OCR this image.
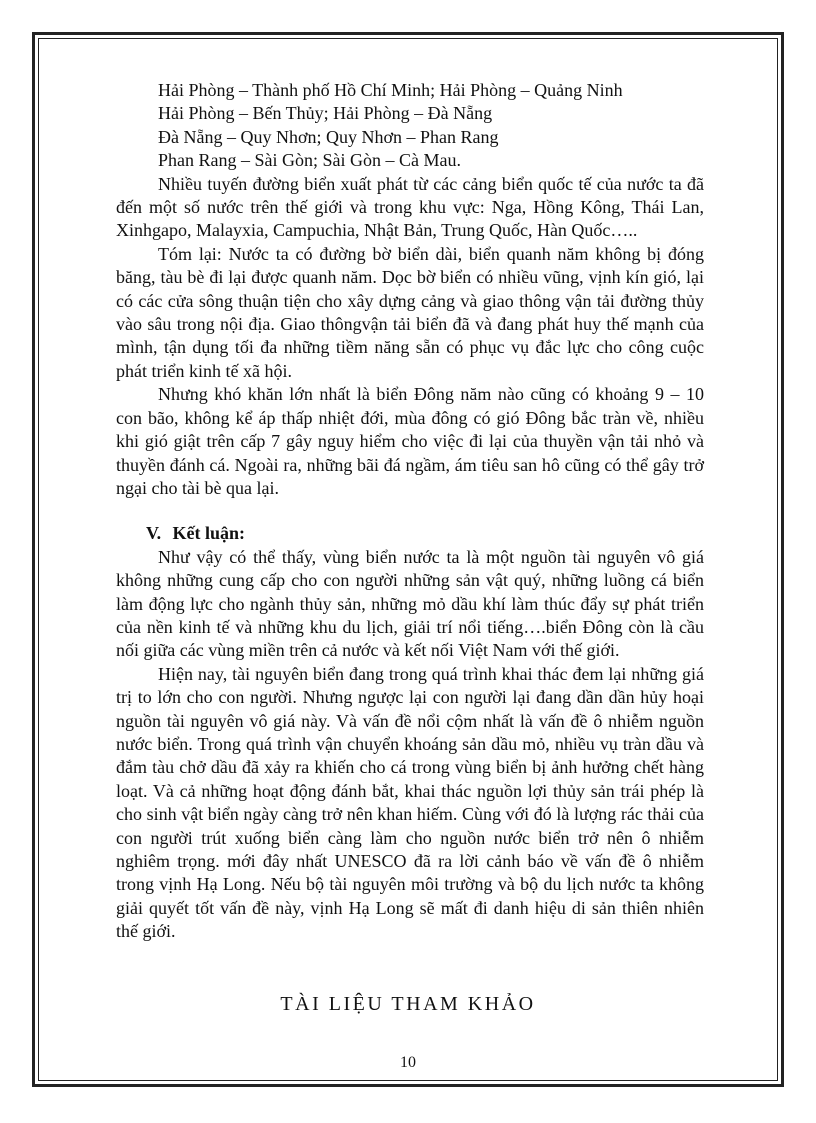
Hải Phòng – Thành phố Hồ Chí Minh; Hải Phòng – Quảng Ninh

Hải Phòng – Bến Thủy; Hải Phòng – Đà Nẵng

Đà Nẵng – Quy Nhơn; Quy Nhơn – Phan Rang

Phan Rang – Sài Gòn; Sài Gòn – Cà Mau.

Nhiều tuyến đường biển xuất phát từ các cảng biển quốc tế của nước ta đã đến một số nước trên thế giới và trong khu vực: Nga, Hồng Kông, Thái Lan, Xinhgapo, Malayxia, Campuchia, Nhật Bản, Trung Quốc, Hàn Quốc…..

Tóm lại: Nước ta có đường bờ biển dài, biển quanh năm không bị đóng băng, tàu bè đi lại được quanh năm. Dọc bờ biển có nhiều vũng, vịnh kín gió, lại có các cửa sông thuận tiện cho xây dựng cảng và giao thông vận tải đường thủy vào sâu trong nội địa. Giao thôngvận tải biển đã và đang phát huy thế mạnh của mình, tận dụng tối đa những tiềm năng sẵn có phục vụ đắc lực cho công cuộc phát triển kinh tế xã hội.

Nhưng khó khăn lớn nhất là biển Đông năm nào cũng có khoảng 9 – 10 con bão, không kể áp thấp nhiệt đới, mùa đông có gió Đông bắc tràn về, nhiều khi gió giật trên cấp 7 gây nguy hiểm cho việc đi lại của thuyền vận tải nhỏ và thuyền đánh cá. Ngoài ra, những bãi đá ngầm, ám tiêu san hô cũng có thể gây trở ngại cho tài bè qua lại.

V. Kết luận:

Như vậy có thể thấy, vùng biển nước ta là một nguồn tài nguyên vô giá không những cung cấp cho con người những sản vật quý, những luồng cá biển làm động lực cho ngành thủy sản, những mỏ dầu khí làm thúc đẩy sự phát triển của nền kinh tế và những khu du lịch, giải trí nổi tiếng….biển Đông còn là cầu nối giữa các vùng miền trên cả nước và kết nối Việt Nam với thế giới.

Hiện nay, tài nguyên biển đang trong quá trình khai thác đem lại những giá trị to lớn cho con người. Nhưng ngược lại con người lại đang dần dần hủy hoại nguồn tài nguyên vô giá này. Và vấn đề nổi cộm nhất là vấn đề ô nhiễm nguồn nước biển. Trong quá trình vận chuyển khoáng sản dầu mỏ, nhiều vụ tràn dầu và đắm tàu chở dầu đã xảy ra khiến cho cá trong vùng biển bị ảnh hưởng chết hàng loạt. Và cả những hoạt động đánh bắt, khai thác nguồn lợi thủy sản trái phép là cho sinh vật biển ngày càng trở nên khan hiếm. Cùng với đó là lượng rác thải của con người trút xuống biển càng làm cho nguồn nước biển trở nên ô nhiễm nghiêm trọng. mới đây nhất UNESCO đã ra lời cảnh báo về vấn đề ô nhiễm trong vịnh Hạ Long. Nếu bộ tài nguyên môi trường và bộ du lịch nước ta không giải quyết tốt vấn đề này, vịnh Hạ Long sẽ mất đi danh hiệu di sản thiên nhiên thế giới.

TÀI LIỆU THAM KHẢO
10
